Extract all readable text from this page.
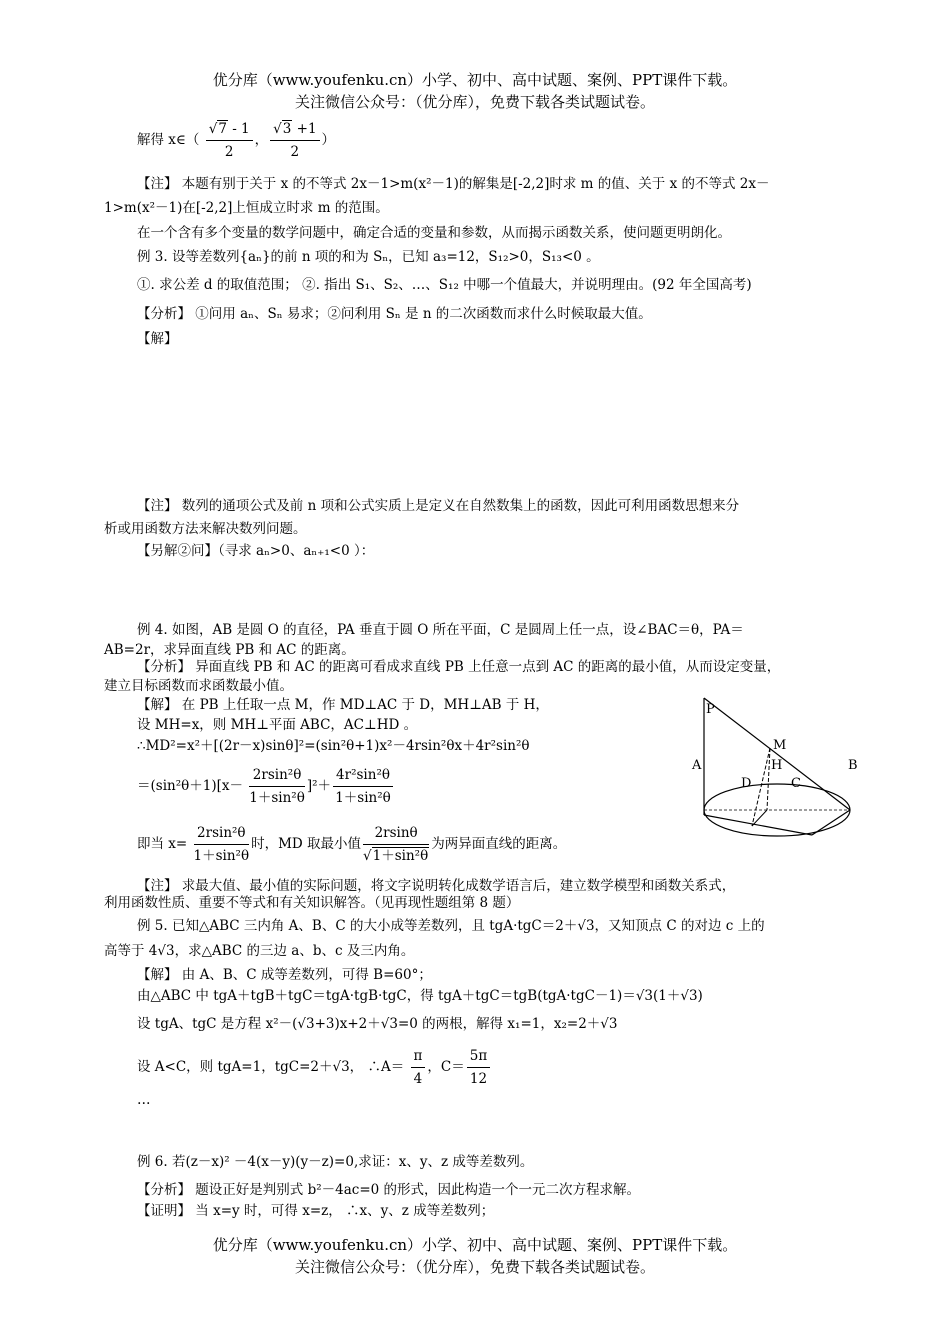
优分库（www.youfenku.cn）小学、初中、高中试题、案例、PPT课件下载。
关注微信公众号：（优分库），免费下载各类试题试卷。
解得 x∈（ $\frac{√7 - 1}{2}$ ， $\frac{√3 +1}{2}$ ）
【注】 本题有别于关于 x 的不等式 2x－1>m(x²－1)的解集是[-2,2]时求 m 的值、关于 x 的不等式 2x－
1>m(x²－1)在[-2,2]上恒成立时求 m 的范围。
在一个含有多个变量的数学问题中，确定合适的变量和参数，从而揭示函数关系，使问题更明朗化。
例 3. 设等差数列{aₙ}的前 n 项的和为 Sₙ，已知 a₃=12，S₁₂>0，S₁₃<0 。
①. 求公差 d 的取值范围； ②. 指出 S₁、S₂、…、S₁₂ 中哪一个值最大，并说明理由。(92 年全国高考)
【分析】 ①问用 aₙ、Sₙ 易求；②问利用 Sₙ 是 n 的二次函数而求什么时候取最大值。
【解】
【注】 数列的通项公式及前 n 项和公式实质上是定义在自然数集上的函数，因此可利用函数思想来分
析或用函数方法来解决数列问题。
【另解②问】（寻求 aₙ>0、aₙ₊₁<0 ）：
例 4. 如图，AB 是圆 O 的直径，PA 垂直于圆 O 所在平面，C 是圆周上任一点，设∠BAC＝θ，PA＝
AB=2r，求异面直线 PB 和 AC 的距离。
【分析】 异面直线 PB 和 AC 的距离可看成求直线 PB 上任意一点到 AC 的距离的最小值，从而设定变量，
建立目标函数而求函数最小值。
【解】 在 PB 上任取一点 M，作 MD⊥AC 于 D，MH⊥AB 于 H，
设 MH=x，则 MH⊥平面 ABC，AC⊥HD 。
∴MD²=x²＋[(2r－x)sinθ]²=(sin²θ+1)x²－4rsin²θx＋4r²sin²θ
$=(\sin^2\theta+1)[x- \frac{\text{2rsin²θ}}{\text{1＋sin²θ}} ]^2+ \frac{\text{4r²sin²θ}}{\text{1＋sin²θ}}$
即当 $x= \frac{\text{2rsin²θ}}{\text{1＋sin²θ}}$ 时，MD 取最小值 $\frac{2rsin\theta}{\text{√1＋sin²θ}}$ 为两异面直线的距离。
【注】 求最大值、最小值的实际问题，将文字说明转化成数学语言后，建立数学模型和函数关系式，
利用函数性质、重要不等式和有关知识解答。（见再现性题组第 8 题）
P
M
H
A	B
D	C
例 5. 已知△ABC 三内角 A、B、C 的大小成等差数列，且 tgA·tgC＝2＋√3，又知顶点 C 的对边 c 上的
高等于 4√3，求△ABC 的三边 a、b、c 及三内角。
【解】 由 A、B、C 成等差数列，可得 B=60°；
由△ABC 中 tgA＋tgB＋tgC＝tgA·tgB·tgC，得 tgA＋tgC＝tgB(tgA·tgC－1)＝√3(1＋√3)
设 tgA、tgC 是方程 x²－(√3+3)x+2＋√3=0 的两根，解得 x₁=1，x₂=2＋√3
设 A<C，则 tgA=1，tgC=2＋√3， ∴A＝ $\frac{\pi}{4}$ ，$C= \frac{5\pi}{12}$
…
例 6. 若(z－x)² －4(x－y)(y－z)=0,求证：x、y、z 成等差数列。
【分析】 题设正好是判别式 b²－4ac=0 的形式，因此构造一个一元二次方程求解。
【证明】 当 x=y 时，可得 x=z， ∴x、y、z 成等差数列；
优分库（www.youfenku.cn）小学、初中、高中试题、案例、PPT课件下载。
关注微信公众号：（优分库），免费下载各类试题试卷。
